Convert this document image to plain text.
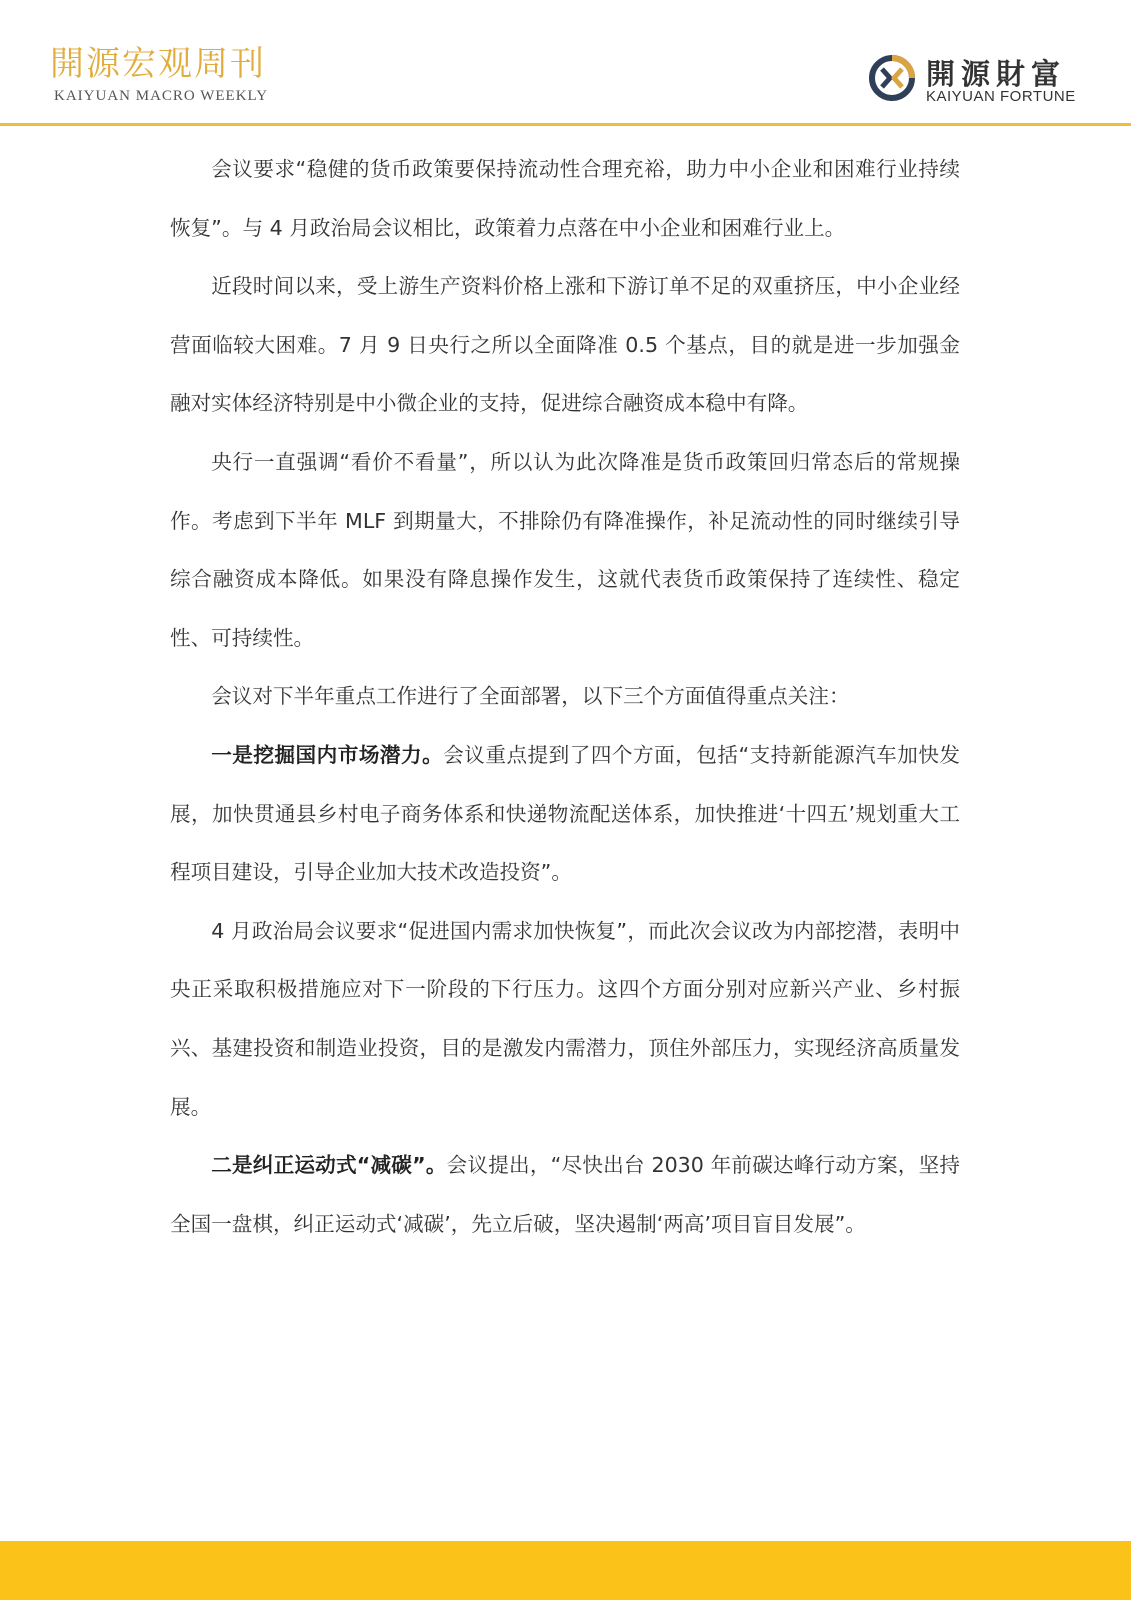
開源宏观周刊
KAIYUAN MACRO WEEKLY
開源財富
KAIYUAN FORTUNE

会议要求“稳健的货币政策要保持流动性合理充裕，助力中小企业和困难行业持续恢复”。与 4 月政治局会议相比，政策着力点落在中小企业和困难行业上。

近段时间以来，受上游生产资料价格上涨和下游订单不足的双重挤压，中小企业经营面临较大困难。7 月 9 日央行之所以全面降准 0.5 个基点，目的就是进一步加强金融对实体经济特别是中小微企业的支持，促进综合融资成本稳中有降。

央行一直强调“看价不看量”，所以认为此次降准是货币政策回归常态后的常规操作。考虑到下半年 MLF 到期量大，不排除仍有降准操作，补足流动性的同时继续引导综合融资成本降低。如果没有降息操作发生，这就代表货币政策保持了连续性、稳定性、可持续性。

会议对下半年重点工作进行了全面部署，以下三个方面值得重点关注：

一是挖掘国内市场潜力。会议重点提到了四个方面，包括“支持新能源汽车加快发展，加快贯通县乡村电子商务体系和快递物流配送体系，加快推进‘十四五’规划重大工程项目建设，引导企业加大技术改造投资”。

4 月政治局会议要求“促进国内需求加快恢复”，而此次会议改为内部挖潜，表明中央正采取积极措施应对下一阶段的下行压力。这四个方面分别对应新兴产业、乡村振兴、基建投资和制造业投资，目的是激发内需潜力，顶住外部压力，实现经济高质量发展。

二是纠正运动式“减碳”。会议提出，“尽快出台 2030 年前碳达峰行动方案，坚持全国一盘棋，纠正运动式‘减碳’，先立后破，坚决遏制‘两高’项目盲目发展”。
